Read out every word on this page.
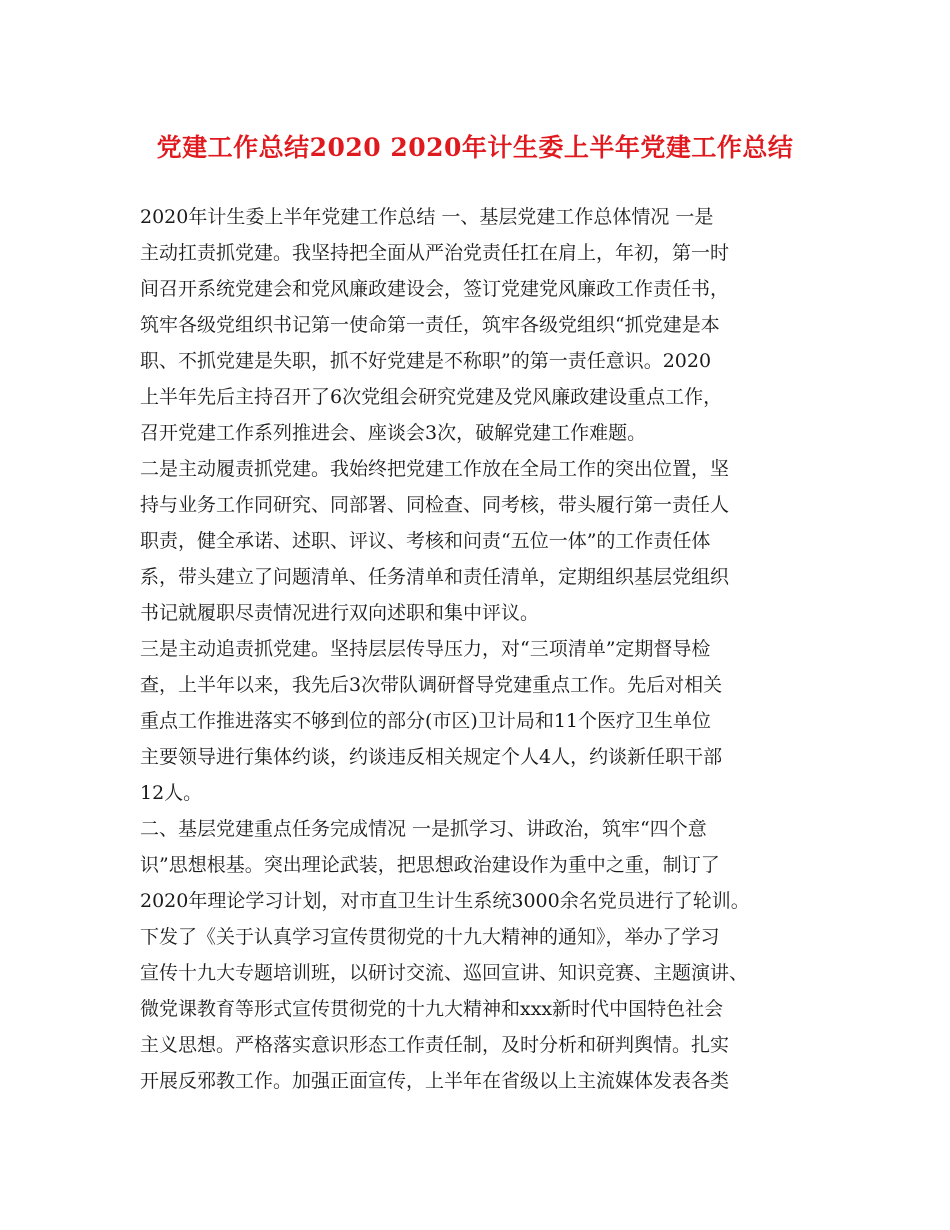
党建工作总结2020 2020年计生委上半年党建工作总结
2020年计生委上半年党建工作总结 一、基层党建工作总体情况 一是
主动扛责抓党建。我坚持把全面从严治党责任扛在肩上，年初，第一时
间召开系统党建会和党风廉政建设会，签订党建党风廉政工作责任书，
筑牢各级党组织书记第一使命第一责任，筑牢各级党组织“抓党建是本
职、不抓党建是失职，抓不好党建是不称职”的第一责任意识。2020
上半年先后主持召开了6次党组会研究党建及党风廉政建设重点工作，
召开党建工作系列推进会、座谈会3次，破解党建工作难题。
二是主动履责抓党建。我始终把党建工作放在全局工作的突出位置，坚
持与业务工作同研究、同部署、同检查、同考核，带头履行第一责任人
职责，健全承诺、述职、评议、考核和问责“五位一体”的工作责任体
系，带头建立了问题清单、任务清单和责任清单，定期组织基层党组织
书记就履职尽责情况进行双向述职和集中评议。
三是主动追责抓党建。坚持层层传导压力，对“三项清单”定期督导检
查，上半年以来，我先后3次带队调研督导党建重点工作。先后对相关
重点工作推进落实不够到位的部分(市区)卫计局和11个医疗卫生单位
主要领导进行集体约谈，约谈违反相关规定个人4人，约谈新任职干部
12人。
二、基层党建重点任务完成情况 一是抓学习、讲政治，筑牢“四个意
识”思想根基。突出理论武装，把思想政治建设作为重中之重，制订了
2020年理论学习计划，对市直卫生计生系统3000余名党员进行了轮训。
下发了《关于认真学习宣传贯彻党的十九大精神的通知》，举办了学习
宣传十九大专题培训班，以研讨交流、巡回宣讲、知识竞赛、主题演讲、
微党课教育等形式宣传贯彻党的十九大精神和xxx新时代中国特色社会
主义思想。严格落实意识形态工作责任制，及时分析和研判舆情。扎实
开展反邪教工作。加强正面宣传，上半年在省级以上主流媒体发表各类
